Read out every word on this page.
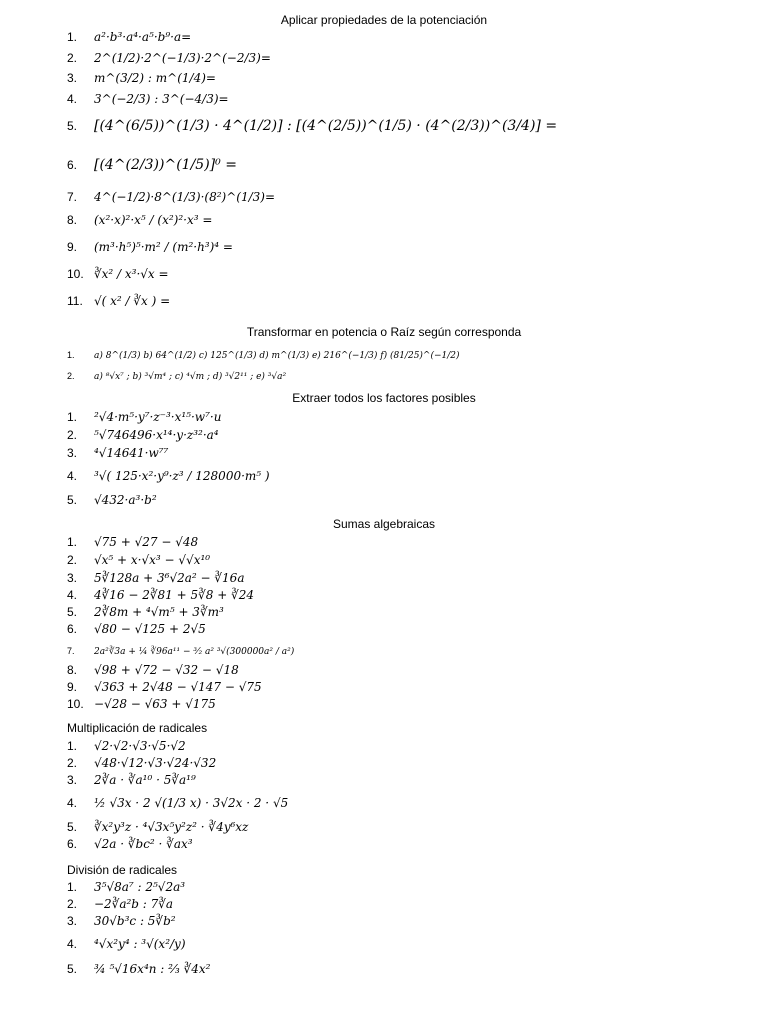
Aplicar propiedades de la potenciación
1. a²·b³·a⁴·a⁵·b⁹·a=
2. 2^(1/2)·2^(−1/3)·2^(−2/3)=
3. m^(3/2) : m^(1/4)=
4. 3^(−2/3) : 3^(−4/3)=
5. [(4^(6/5))^(1/3) · 4^(1/2)] : [(4^(2/5))^(1/5) · (4^(2/3))^(3/4)] =
6. [(4^(2/3))^(1/5)]⁰ =
7. 4^(−1/2)·8^(1/3)·(8²)^(1/3)=
8. (x²·x)²·x⁵ / (x²)²·x³ =
9. (m³·h⁵)⁵·m² / (m²·h³)⁴ =
10. ∛x² / x³·√x =
11. √( x² / ∛x ) =
Transformar en potencia o Raíz según corresponda
1. a) 8^(1/3) b) 64^(1/2) c) 125^(1/3) d) m^(1/3) e) 216^(−1/3) f) (81/25)^(−1/2)
2. a) ⁸√x⁷ ; b) ³√m⁴ ; c) ⁴√m ; d) ³√2¹¹ ; e) ³√a²
Extraer todos los factores posibles
1. ²√4·m⁵·y⁷·z⁻³·x¹⁵·w⁷·u
2. ⁵√746496·x¹⁴·y·z³²·a⁴
3. ⁴√14641·w⁷⁷
4. ³√( 125·x²·y⁹·z³ / 128000·m⁵ )
5. √432·a³·b²
Sumas algebraicas
1. √75 + √27 − √48
2. √x⁵ + x·√x³ − √√x¹⁰
3. 5∛128a + 3⁶√2a² − ∛16a
4. 4∛16 − 2∛81 + 5∛8 + ∛24
5. 2∛8m + ⁴√m⁵ + 3∛m³
6. √80 − √125 + 2√5
7. 2a²∛3a + ¼ ∛96a¹¹ − ³⁄₂ a² ³√(300000a² / a²)
8. √98 + √72 − √32 − √18
9. √363 + 2√48 − √147 − √75
10. −√28 − √63 + √175
Multiplicación de radicales
1. √2·√2·√3·√5·√2
2. √48·√12·√3·√24·√32
3. 2∛a · ∛a¹⁰ · 5∛a¹⁹
4. ½ √3x · 2 √(1/3 x) · 3√2x · 2 · √5
5. ∛x²y³z · ⁴√3x⁵y²z² · ∛4y⁶xz
6. √2a · ∛bc² · ∛ax³
División de radicales
1. 3⁵√8a⁷ : 2⁵√2a³
2. −2∛a²b : 7∛a
3. 30√b³c : 5∛b²
4. ⁴√x²y⁴ : ³√(x²/y)
5. ¾ ⁵√16x⁴n : ⅔ ∛4x²
